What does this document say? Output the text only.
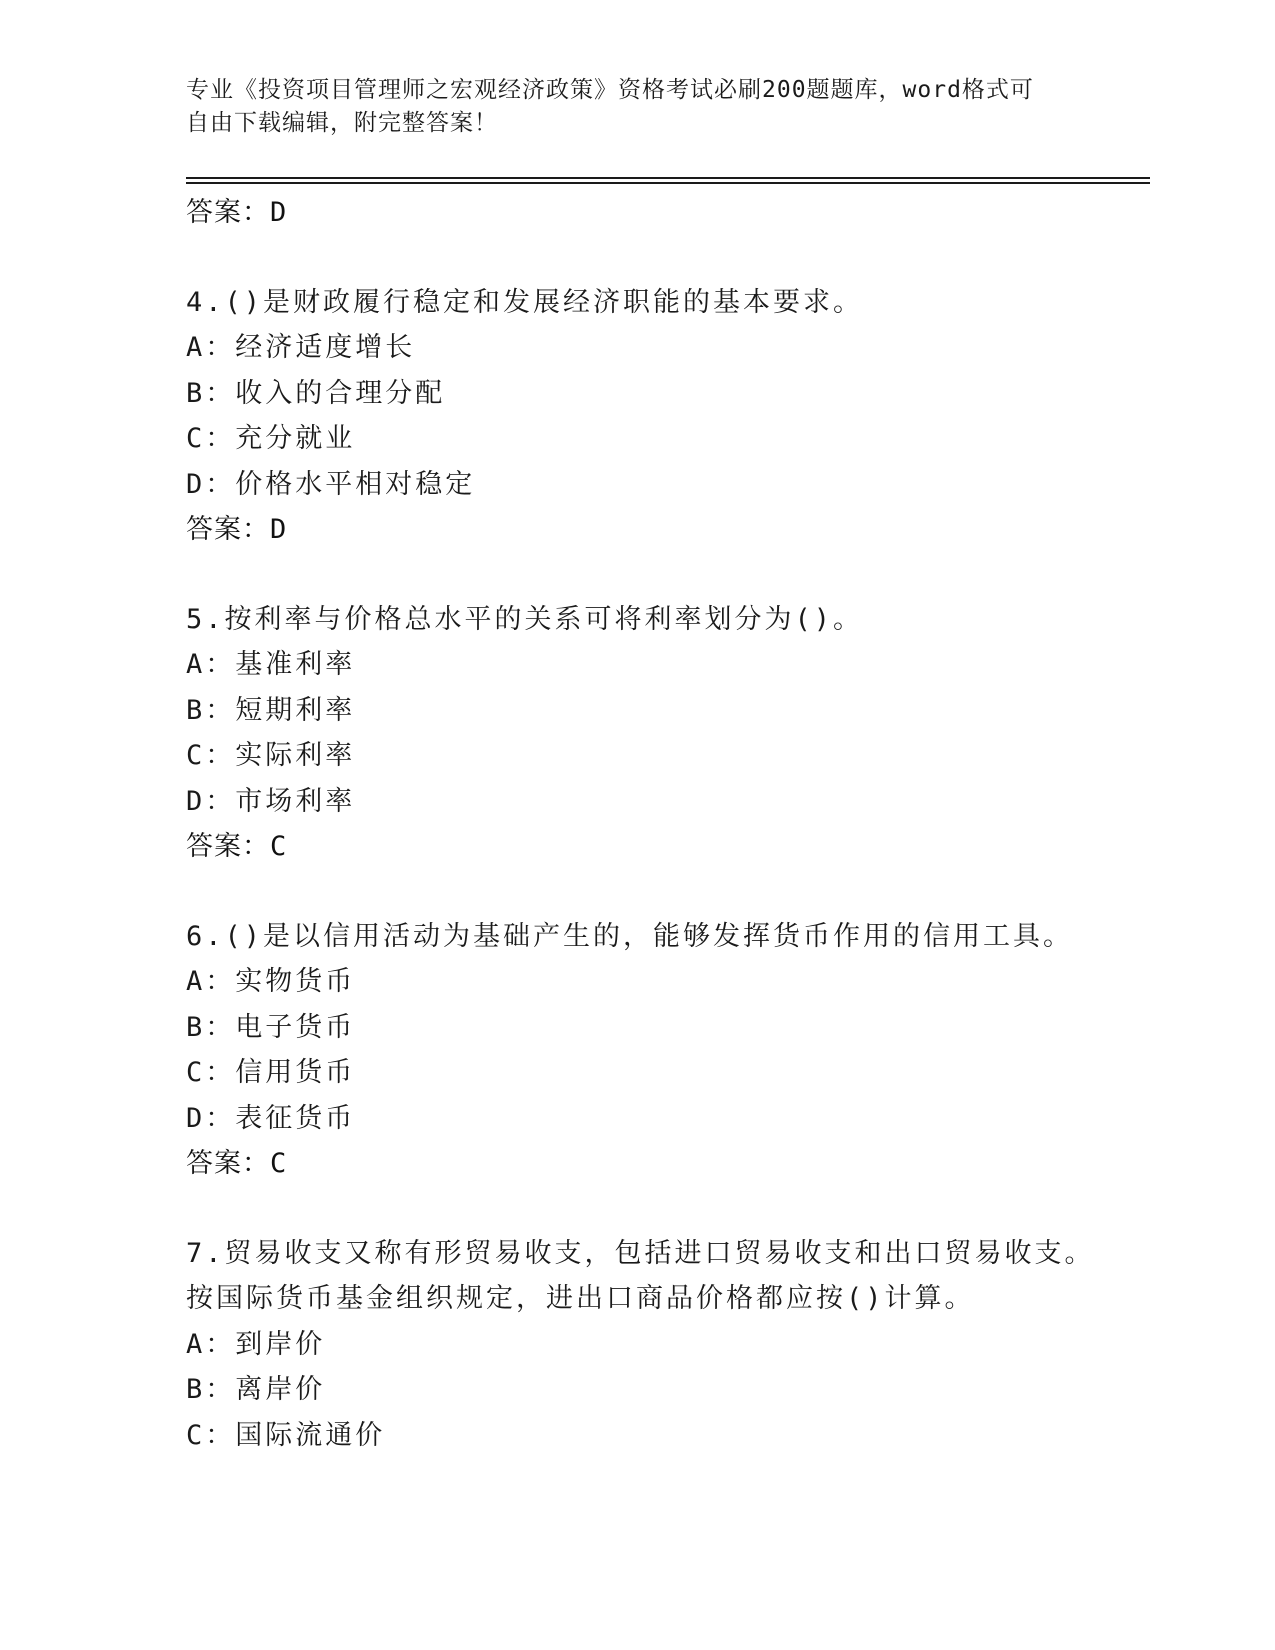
专业《投资项目管理师之宏观经济政策》资格考试必刷200题题库，word格式可
自由下载编辑，附完整答案！
答案：D
4.()是财政履行稳定和发展经济职能的基本要求。
A：经济适度增长
B：收入的合理分配
C：充分就业
D：价格水平相对稳定
答案：D
5.按利率与价格总水平的关系可将利率划分为()。
A：基准利率
B：短期利率
C：实际利率
D：市场利率
答案：C
6.()是以信用活动为基础产生的，能够发挥货币作用的信用工具。
A：实物货币
B：电子货币
C：信用货币
D：表征货币
答案：C
7.贸易收支又称有形贸易收支，包括进口贸易收支和出口贸易收支。
按国际货币基金组织规定，进出口商品价格都应按()计算。
A：到岸价
B：离岸价
C：国际流通价
